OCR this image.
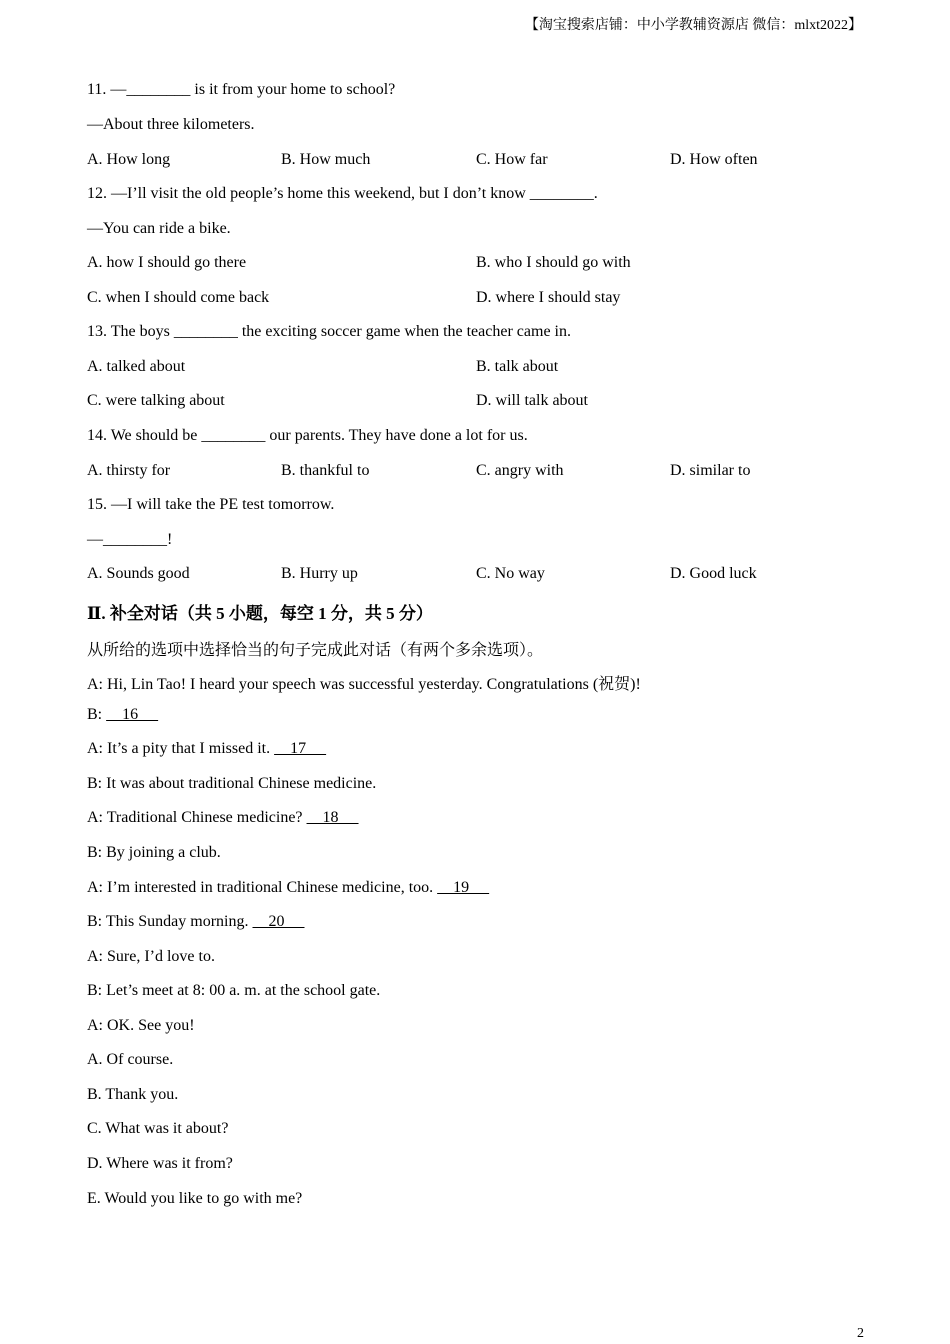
【淘宝搜索店铺：中小学教辅资源店 微信：mlxt2022】
11. —________ is it from your home to school?
—About three kilometers.
A. How long	B. How much	C. How far	D. How often
12. —I’ll visit the old people’s home this weekend, but I don’t know ________.
—You can ride a bike.
A. how I should go there	B. who I should go with
C. when I should come back	D. where I should stay
13. The boys ________ the exciting soccer game when the teacher came in.
A. talked about	B. talk about
C. were talking about	D. will talk about
14. We should be ________ our parents. They have done a lot for us.
A. thirsty for	B. thankful to	C. angry with	D. similar to
15. —I will take the PE test tomorrow.
—________!
A. Sounds good	B. Hurry up	C. No way	D. Good luck
Ⅱ. 补全对话（共 5 小题，每空 1 分，共 5 分）
从所给的选项中选择恰当的句子完成此对话（有两个多余选项）。
A: Hi, Lin Tao! I heard your speech was successful yesterday. Congratulations (祝贺)!
B:     16
A: It’s a pity that I missed it.     17
B: It was about traditional Chinese medicine.
A: Traditional Chinese medicine?     18
B: By joining a club.
A: I’m interested in traditional Chinese medicine, too.     19
B: This Sunday morning.     20
A: Sure, I’d love to.
B: Let’s meet at 8: 00 a. m. at the school gate.
A: OK. See you!
A. Of course.
B. Thank you.
C. What was it about?
D. Where was it from?
E. Would you like to go with me?
2
